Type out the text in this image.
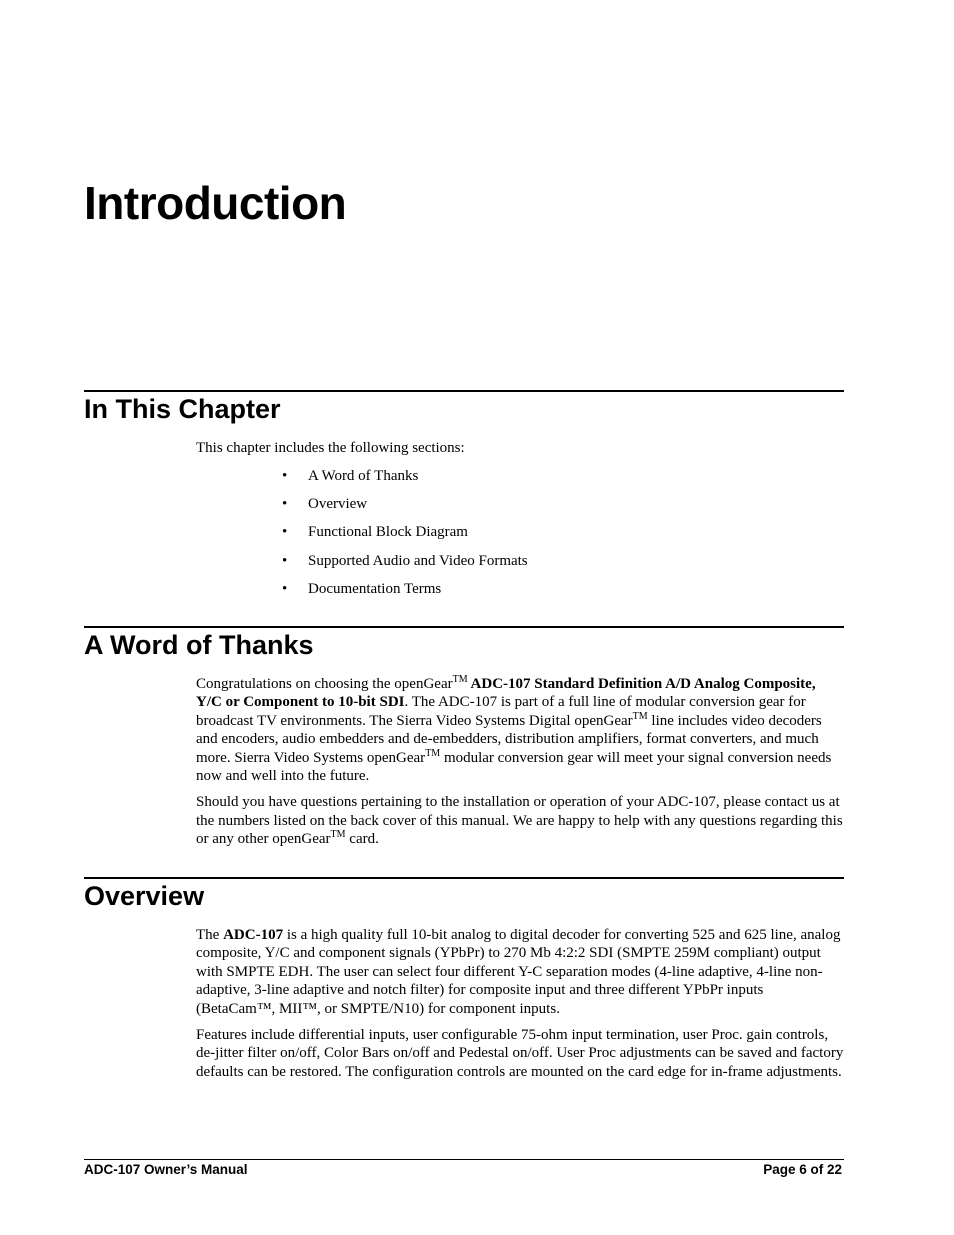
Introduction
In This Chapter
This chapter includes the following sections:
•	A Word of Thanks
•	Overview
•	Functional Block Diagram
•	Supported Audio and Video Formats
•	Documentation Terms
A Word of Thanks

Congratulations on choosing the openGear™ ADC-107 Standard Definition A/D Analog Composite, Y/C or Component to 10-bit SDI. The ADC-107 is part of a full line of modular conversion gear for broadcast TV environments. The Sierra Video Systems Digital openGear™ line includes video decoders and encoders, audio embedders and de-embedders, distribution amplifiers, format converters, and much more. Sierra Video Systems openGear™ modular conversion gear will meet your signal conversion needs now and well into the future.

Should you have questions pertaining to the installation or operation of your ADC-107, please contact us at the numbers listed on the back cover of this manual. We are happy to help with any questions regarding this or any other openGear™ card.

Overview

The ADC-107 is a high quality full 10-bit analog to digital decoder for converting 525 and 625 line, analog composite, Y/C and component signals (YPbPr) to 270 Mb 4:2:2 SDI (SMPTE 259M compliant) output with SMPTE EDH. The user can select four different Y-C separation modes (4-line adaptive, 4-line non-adaptive, 3-line adaptive and notch filter) for composite input and three different YPbPr inputs (BetaCam™, MII™, or SMPTE/N10) for component inputs.

Features include differential inputs, user configurable 75-ohm input termination, user Proc. gain controls, de-jitter filter on/off, Color Bars on/off and Pedestal on/off. User Proc adjustments can be saved and factory defaults can be restored. The configuration controls are mounted on the card edge for in-frame adjustments.

ADC-107 Owner’s Manual	Page 6 of 22
